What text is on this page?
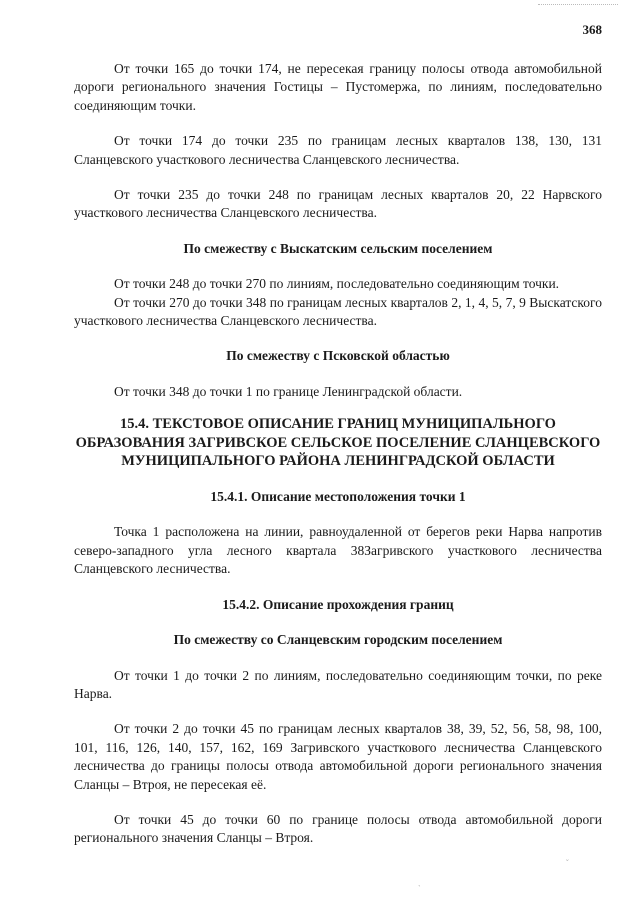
368

От точки 165 до точки 174, не пересекая границу полосы отвода автомобильной дороги регионального значения Гостицы – Пустомержа, по линиям, последовательно соединяющим точки.

От точки 174 до точки 235 по границам лесных кварталов 138, 130, 131 Сланцевского участкового лесничества Сланцевского лесничества.

От точки 235 до точки 248 по границам лесных кварталов 20, 22 Нарвского участкового лесничества Сланцевского лесничества.

По смежеству с Выскатским сельским поселением

От точки 248 до точки 270 по линиям, последовательно соединяющим точки.

От точки 270 до точки 348 по границам лесных кварталов 2, 1, 4, 5, 7, 9 Выскатского участкового лесничества Сланцевского лесничества.

По смежеству с Псковской областью

От точки 348 до точки 1 по границе Ленинградской области.

15.4. ТЕКСТОВОЕ ОПИСАНИЕ ГРАНИЦ МУНИЦИПАЛЬНОГО ОБРАЗОВАНИЯ ЗАГРИВСКОЕ СЕЛЬСКОЕ ПОСЕЛЕНИЕ СЛАНЦЕВСКОГО МУНИЦИПАЛЬНОГО РАЙОНА ЛЕНИНГРАДСКОЙ ОБЛАСТИ
15.4.1. Описание местоположения точки 1

Точка 1 расположена на линии, равноудаленной от берегов реки Нарва напротив северо-западного угла лесного квартала 38Загривского участкового лесничества Сланцевского лесничества.

15.4.2. Описание прохождения границ
По смежеству со Сланцевским городским поселением

От точки 1 до точки 2 по линиям, последовательно соединяющим точки, по реке Нарва.

От точки 2 до точки 45 по границам лесных кварталов 38, 39, 52, 56, 58, 98, 100, 101, 116, 126, 140, 157, 162, 169 Загривского участкового лесничества Сланцевского лесничества до границы полосы отвода автомобильной дороги регионального значения Сланцы – Втроя, не пересекая её.

От точки 45 до точки 60 по границе полосы отвода автомобильной дороги регионального значения Сланцы – Втроя.

˘
`
